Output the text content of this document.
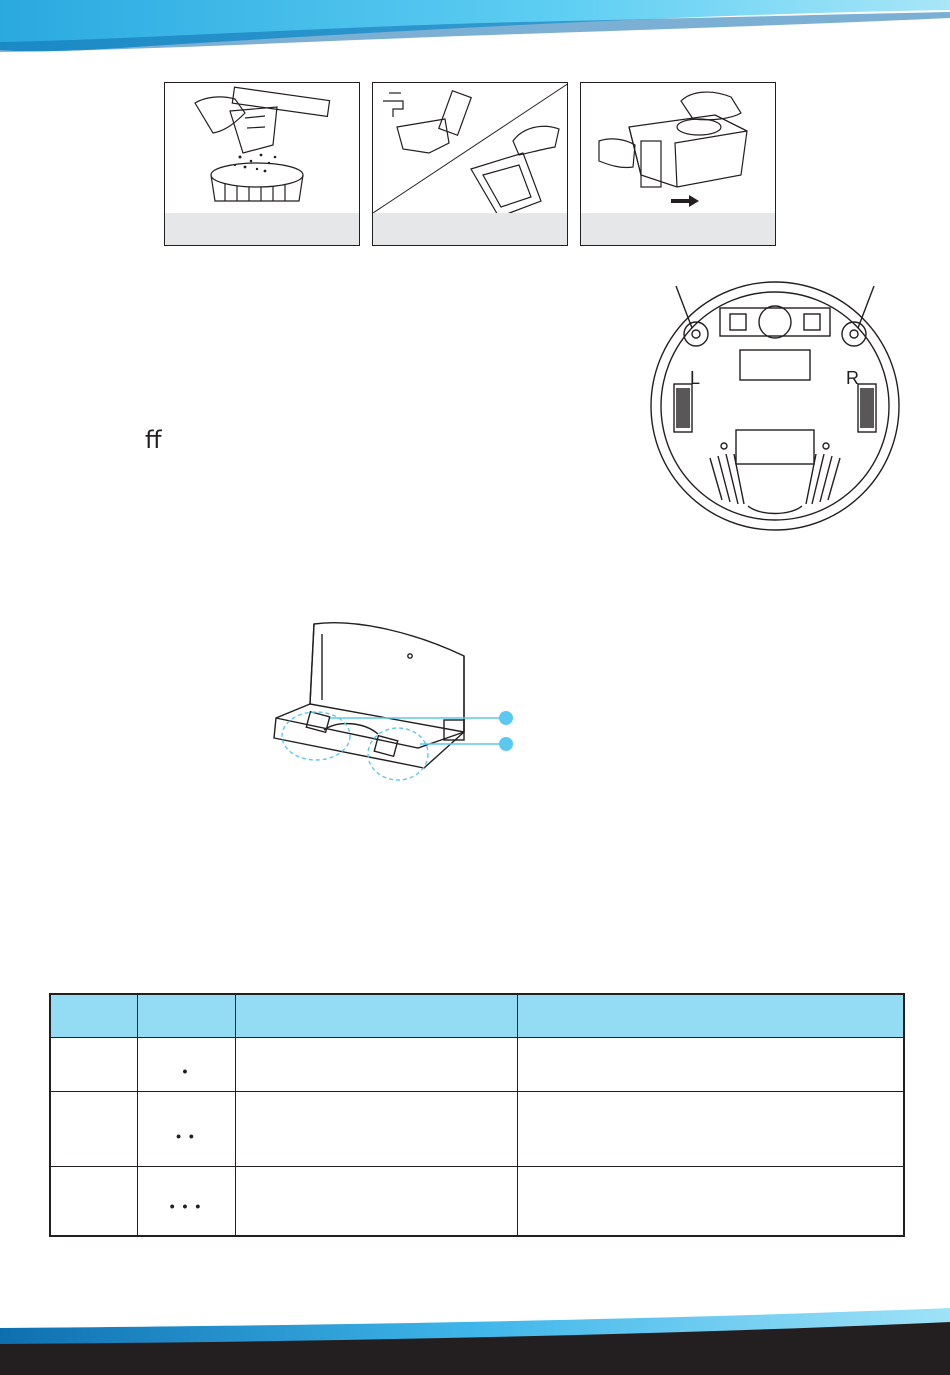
ﬀ
L	R

	•		
	• •		
	• • •		
